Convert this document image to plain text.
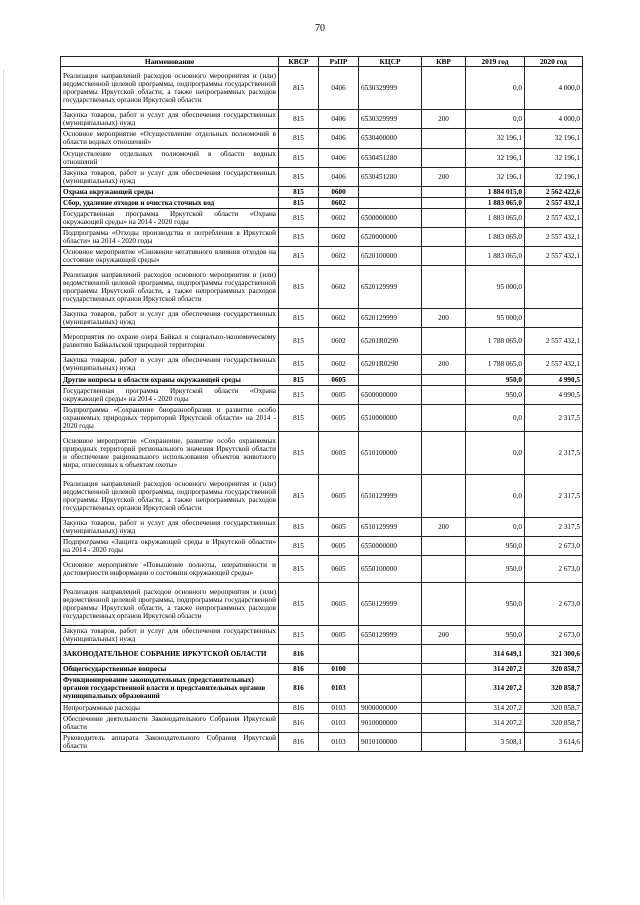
70
Наименование	КВСР	РзПР	КЦСР	КВР	2019 год	2020 год
Реализация направлений расходов основного мероприятия и (или) ведомственной целевой программы, подпрограммы государственной программы Иркутской области, а также непрограммных расходов государственных органов Иркутской области	815	0406	6530329999		0,0	4 000,0
Закупка товаров, работ и услуг для обеспечения государственных (муниципальных) нужд	815	0406	6530329999	200	0,0	4 000,0
Основное мероприятие «Осуществление отдельных полномочий в области водных отношений»	815	0406	6530400000		32 196,1	32 196,1
Осуществление отдельных полномочий в области водных отношений	815	0406	6530451280		32 196,1	32 196,1
Закупка товаров, работ и услуг для обеспечения государственных (муниципальных) нужд	815	0406	6530451280	200	32 196,1	32 196,1
Охрана окружающей среды	815	0600			1 884 015,0	2 562 422,6
Сбор, удаление отходов и очистка сточных вод	815	0602			1 883 065,0	2 557 432,1
Государственная программа Иркутской области «Охрана окружающей среды» на 2014 - 2020 годы	815	0602	6500000000		1 883 065,0	2 557 432,1
Подпрограмма «Отходы производства и потребления в Иркутской области» на 2014 - 2020 годы	815	0602	6520000000		1 883 065,0	2 557 432,1
Основное мероприятие «Снижение негативного влияния отходов на состояние окружающей среды»	815	0602	6520100000		1 883 065,0	2 557 432,1
Реализация направлений расходов основного мероприятия и (или) ведомственной целевой программы, подпрограммы государственной программы Иркутской области, а также непрограммных расходов государственных органов Иркутской области	815	0602	6520129999		95 000,0	
Закупка товаров, работ и услуг для обеспечения государственных (муниципальных) нужд	815	0602	6520129999	200	95 000,0	
Мероприятия по охране озера Байкал и социально-экономическому развитию Байкальской природной территории	815	0602	65201R0290		1 788 065,0	2 557 432,1
Закупка товаров, работ и услуг для обеспечения государственных (муниципальных) нужд	815	0602	65201R0290	200	1 788 065,0	2 557 432,1
Другие вопросы в области охраны окружающей среды	815	0605			950,0	4 990,5
Государственная программа Иркутской области «Охрана окружающей среды» на 2014 - 2020 годы	815	0605	6500000000		950,0	4 990,5
Подпрограмма «Сохранение биоразнообразия и развитие особо охраняемых природных территорий Иркутской области» на 2014 - 2020 годы	815	0605	6510000000		0,0	2 317,5
Основное мероприятие «Сохранение, развитие особо охраняемых природных территорий регионального значения Иркутской области и обеспечение рационального использования объектов животного мира, отнесенных к объектам охоты»	815	0605	6510100000		0,0	2 317,5
Реализация направлений расходов основного мероприятия и (или) ведомственной целевой программы, подпрограммы государственной программы Иркутской области, а также непрограммных расходов государственных органов Иркутской области	815	0605	6510129999		0,0	2 317,5
Закупка товаров, работ и услуг для обеспечения государственных (муниципальных) нужд	815	0605	6510129999	200	0,0	2 317,5
Подпрограмма «Защита окружающей среды в Иркутской области» на 2014 - 2020 годы	815	0605	6550000000		950,0	2 673,0
Основное мероприятие «Повышение полноты, оперативности и достоверности информации о состоянии окружающей среды»	815	0605	6550100000		950,0	2 673,0
Реализация направлений расходов основного мероприятия и (или) ведомственной целевой программы, подпрограммы государственной программы Иркутской области, а также непрограммных расходов государственных органов Иркутской области	815	0605	6550129999		950,0	2 673,0
Закупка товаров, работ и услуг для обеспечения государственных (муниципальных) нужд	815	0605	6550129999	200	950,0	2 673,0
ЗАКОНОДАТЕЛЬНОЕ СОБРАНИЕ ИРКУТСКОЙ ОБЛАСТИ	816				314 649,1	321 300,6
Общегосударственные вопросы	816	0100			314 207,2	320 858,7
Функционирование законодательных (представительных) органов государственной власти и представительных органов муниципальных образований	816	0103			314 207,2	320 858,7
Непрограммные расходы	816	0103	9000000000		314 207,2	320 858,7
Обеспечение деятельности Законодательного Собрания Иркутской области	816	0103	9010000000		314 207,2	320 858,7
Руководитель аппарата Законодательного Собрания Иркутской области	816	0103	9010100000		3 508,1	3 614,6
